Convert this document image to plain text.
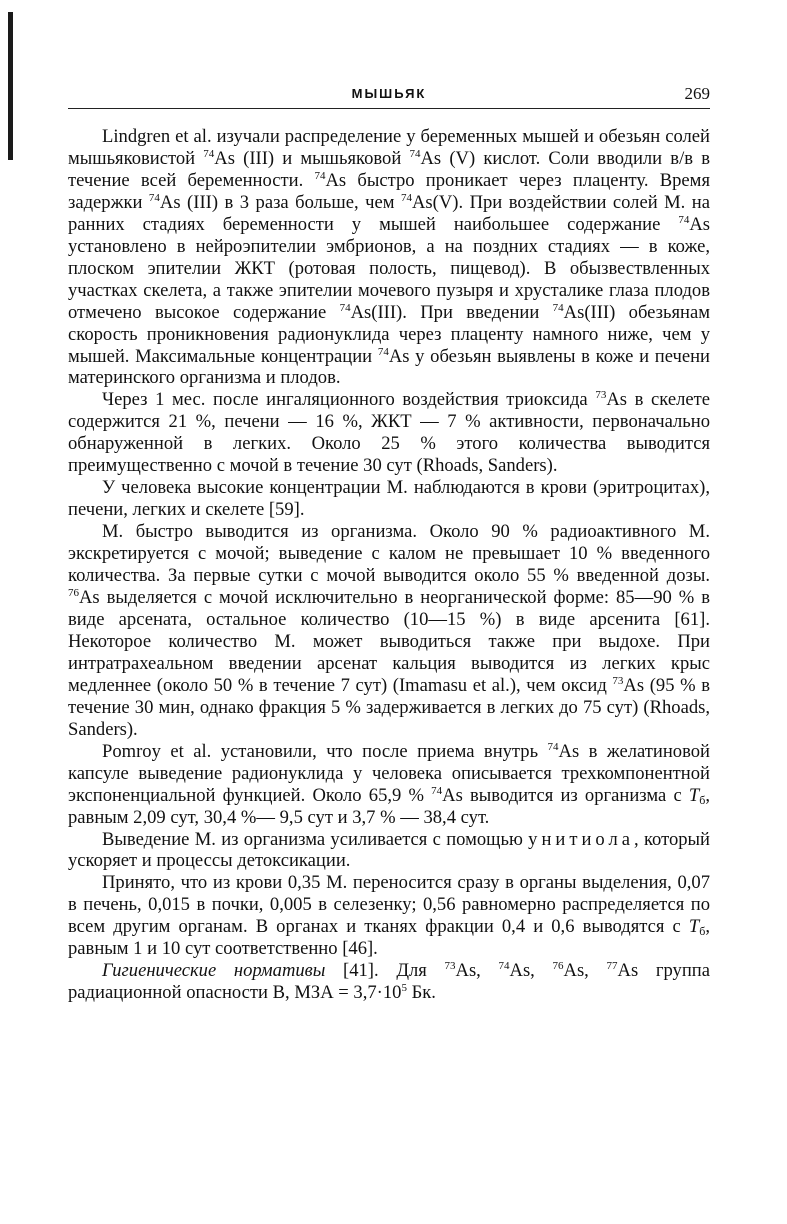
МЫШЬЯК	269

Lindgren et al. изучали распределение у беременных мышей и обезьян солей мышьяковистой $^{74}$As (III) и мышьяковой $^{74}$As (V) кислот. Соли вводили в/в в течение всей беременности. $^{74}$As быстро проникает через плаценту. Время задержки $^{74}$As (III) в 3 раза больше, чем $^{74}$As(V). При воздействии солей М. на ранних стадиях беременности у мышей наибольшее содержание $^{74}$As установлено в нейроэпителии эмбрионов, а на поздних стадиях — в коже, плоском эпителии ЖКТ (ротовая полость, пищевод). В обызвествленных участках скелета, а также эпителии мочевого пузыря и хрусталике глаза плодов отмечено высокое содержание $^{74}$As(III). При введении $^{74}$As(III) обезьянам скорость проникновения радионуклида через плаценту намного ниже, чем у мышей. Максимальные концентрации $^{74}$As у обезьян выявлены в коже и печени материнского организма и плодов.

Через 1 мес. после ингаляционного воздействия триоксида $^{73}$As в скелете содержится 21 %, печени — 16 %, ЖКТ — 7 % активности, первоначально обнаруженной в легких. Около 25 % этого количества выводится преимущественно с мочой в течение 30 сут (Rhoads, Sanders).

У человека высокие концентрации М. наблюдаются в крови (эритроцитах), печени, легких и скелете [59].

М. быстро выводится из организма. Около 90 % радиоактивного М. экскретируется с мочой; выведение с калом не превышает 10 % введенного количества. За первые сутки с мочой выводится около 55 % введенной дозы. $^{76}$As выделяется с мочой исключительно в неорганической форме: 85—90 % в виде арсената, остальное количество (10—15 %) в виде арсенита [61]. Некоторое количество М. может выводиться также при выдохе. При интратрахеальном введении арсенат кальция выводится из легких крыс медленнее (около 50 % в течение 7 сут) (Imamasu et al.), чем оксид $^{73}$As (95 % в течение 30 мин, однако фракция 5 % задерживается в легких до 75 сут) (Rhoads, Sanders).

Pomroy et al. установили, что после приема внутрь $^{74}$As в желатиновой капсуле выведение радионуклида у человека описывается трехкомпонентной экспоненциальной функцией. Около 65,9 % $^{74}$As выводится из организма с $T_б$, равным 2,09 сут, 30,4 %— 9,5 сут и 3,7 % — 38,4 сут.

Выведение М. из организма усиливается с помощью унитиола, который ускоряет и процессы детоксикации.

Принято, что из крови 0,35 М. переносится сразу в органы выделения, 0,07 в печень, 0,015 в почки, 0,005 в селезенку; 0,56 равномерно распределяется по всем другим органам. В органах и тканях фракции 0,4 и 0,6 выводятся с $T_б$, равным 1 и 10 сут соответственно [46].

Гигиенические нормативы [41]. Для $^{73}$As, $^{74}$As, $^{76}$As, $^{77}$As группа радиационной опасности В, МЗА = $3,7\cdot 10^5$ Бк.
